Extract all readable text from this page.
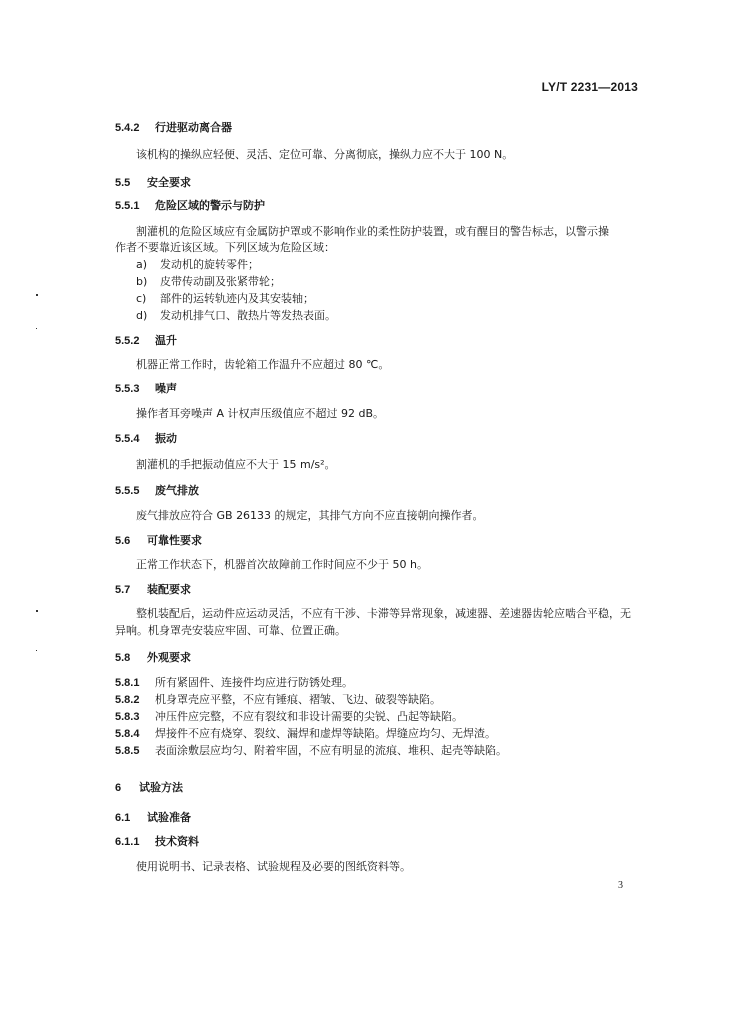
LY/T 2231—2013
5.4.2 行进驱动离合器
该机构的操纵应轻便、灵活、定位可靠、分离彻底，操纵力应不大于 100 N。
5.5 安全要求
5.5.1 危险区域的警示与防护
割灌机的危险区域应有金属防护罩或不影响作业的柔性防护装置，或有醒目的警告标志，以警示操
作者不要靠近该区域。下列区域为危险区域：
a) 发动机的旋转零件；
b) 皮带传动副及张紧带轮；
c) 部件的运转轨迹内及其安装轴；
d) 发动机排气口、散热片等发热表面。
5.5.2 温升
机器正常工作时，齿轮箱工作温升不应超过 80 ℃。
5.5.3 噪声
操作者耳旁噪声 A 计权声压级值应不超过 92 dB。
5.5.4 振动
割灌机的手把振动值应不大于 15 m/s²。
5.5.5 废气排放
废气排放应符合 GB 26133 的规定，其排气方向不应直接朝向操作者。
5.6 可靠性要求
正常工作状态下，机器首次故障前工作时间应不少于 50 h。
5.7 装配要求
整机装配后，运动件应运动灵活，不应有干涉、卡滞等异常现象，减速器、差速器齿轮应啮合平稳，无
异响。机身罩壳安装应牢固、可靠、位置正确。
5.8 外观要求
5.8.1 所有紧固件、连接件均应进行防锈处理。
5.8.2 机身罩壳应平整，不应有锤痕、褶皱、飞边、破裂等缺陷。
5.8.3 冲压件应完整，不应有裂纹和非设计需要的尖锐、凸起等缺陷。
5.8.4 焊接件不应有烧穿、裂纹、漏焊和虚焊等缺陷。焊缝应均匀、无焊渣。
5.8.5 表面涂敷层应均匀、附着牢固，不应有明显的流痕、堆积、起壳等缺陷。
6 试验方法
6.1 试验准备
6.1.1 技术资料
使用说明书、记录表格、试验规程及必要的图纸资料等。
3
